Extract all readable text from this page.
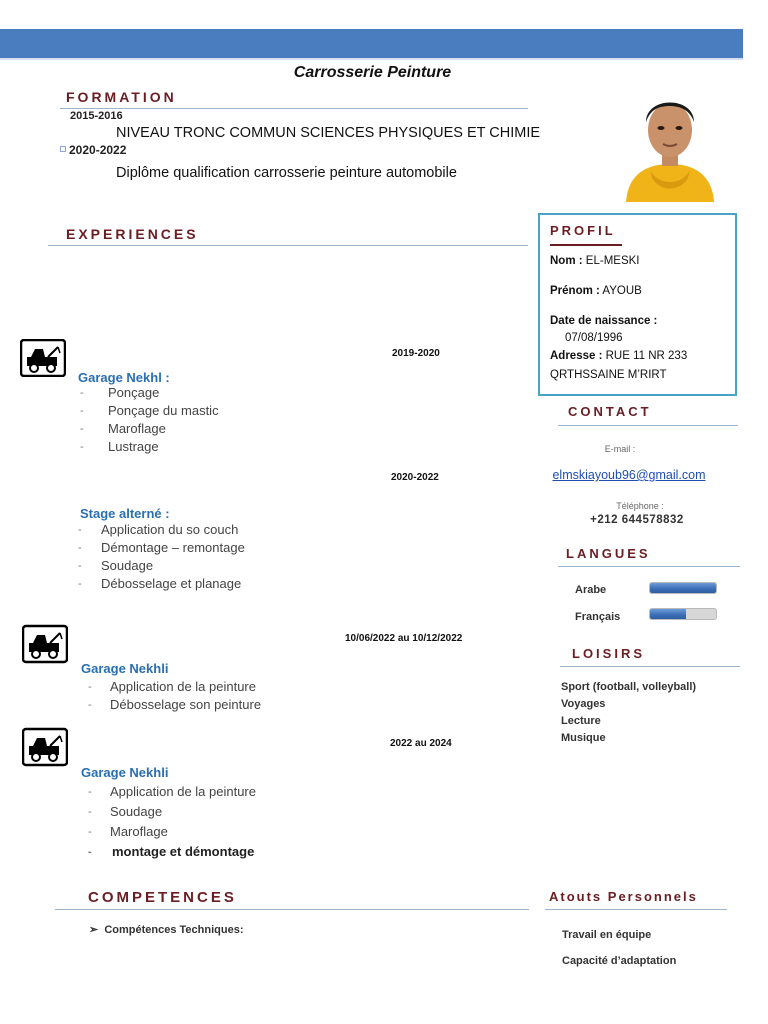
Carrosserie Peinture
FORMATION
2015-2016
NIVEAU TRONC COMMUN SCIENCES PHYSIQUES ET CHIMIE
2020-2022
Diplôme qualification carrosserie peinture automobile
PROFIL
Nom : EL-MESKI
Prénom : AYOUB
Date de naissance :
07/08/1996
Adresse : RUE 11 NR 233
QRTHSSAINE M’RIRT
EXPERIENCES
2019-2020
Garage Nekhl :
- Ponçage
- Ponçage du mastic
- Maroflage
- Lustrage
2020-2022
Stage alterné :
- Application du so couch
- Démontage – remontage
- Soudage
- Débosselage et planage
10/06/2022 au 10/12/2022
Garage Nekhli
- Application de la peinture
- Débosselage son peinture
2022 au 2024
Garage Nekhli
- Application de la peinture
- Soudage
- Maroflage
- montage et démontage
COMPETENCES
➢ Compétences Techniques:
CONTACT
E-mail :
elmskiayoub96@gmail.com
Téléphone :
+212 644578832
LANGUES
Arabe
Français
LOISIRS
Sport (football, volleyball)
Voyages
Lecture
Musique
Atouts Personnels
Travail en équipe
Capacité d’adaptation
